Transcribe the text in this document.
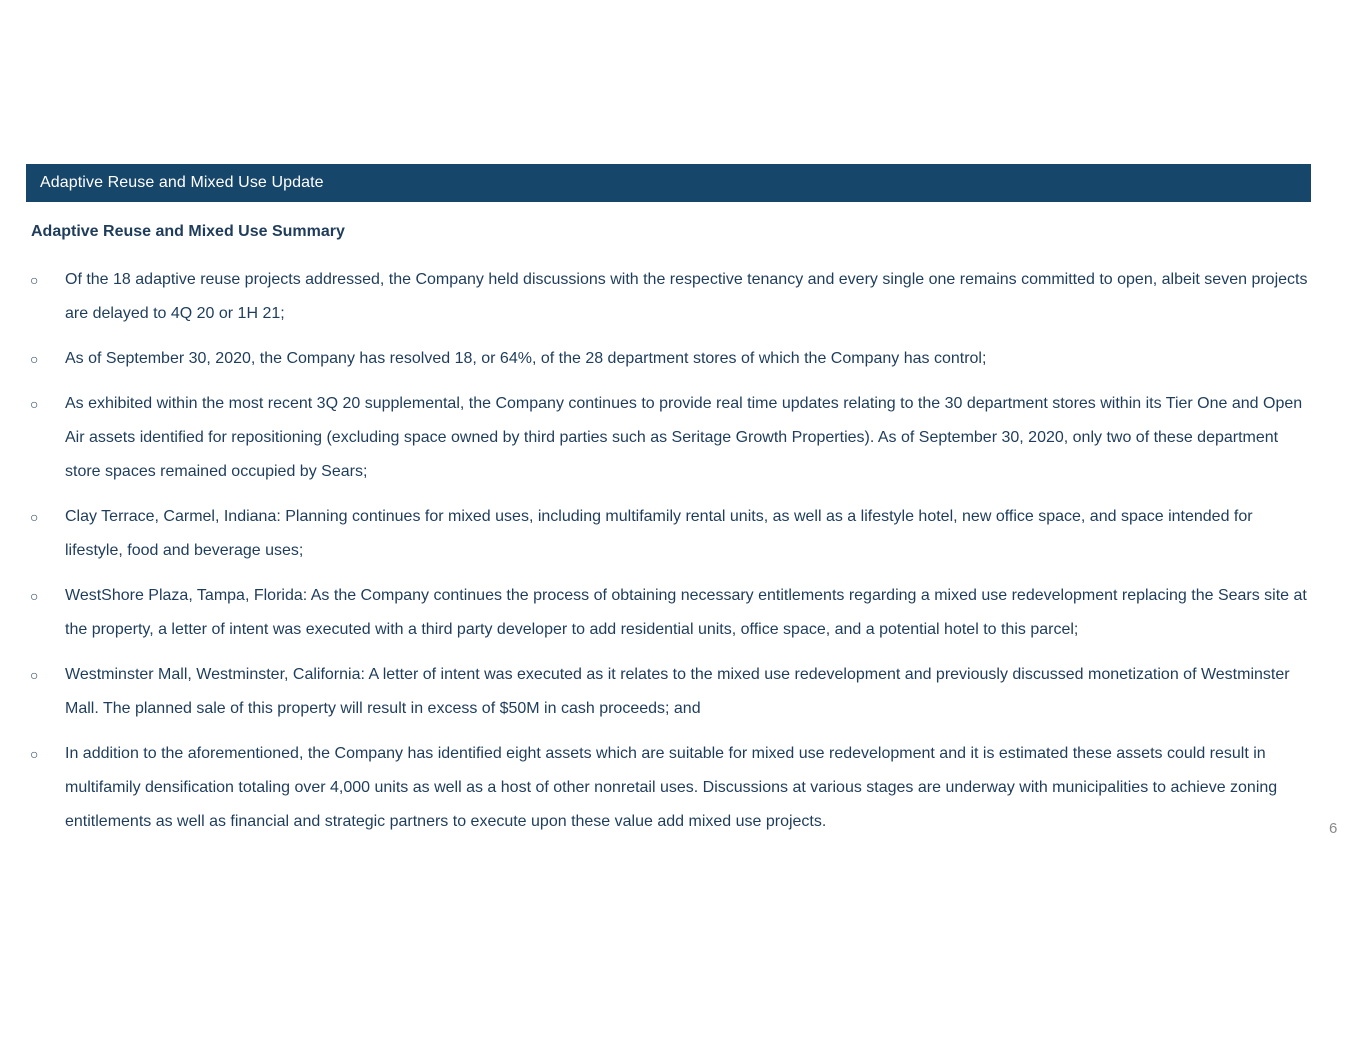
Adaptive Reuse and Mixed Use Update
Adaptive Reuse and Mixed Use Summary
○ Of the 18 adaptive reuse projects addressed, the Company held discussions with the respective tenancy and every single one remains committed to open, albeit seven projects are delayed to 4Q 20 or 1H 21;
○ As of September 30, 2020, the Company has resolved 18, or 64%, of the 28 department stores of which the Company has control;
○ As exhibited within the most recent 3Q 20 supplemental, the Company continues to provide real time updates relating to the 30 department stores within its Tier One and Open Air assets identified for repositioning (excluding space owned by third parties such as Seritage Growth Properties). As of September 30, 2020, only two of these department store spaces remained occupied by Sears;
○ Clay Terrace, Carmel, Indiana: Planning continues for mixed uses, including multifamily rental units, as well as a lifestyle hotel, new office space, and space intended for lifestyle, food and beverage uses;
○ WestShore Plaza, Tampa, Florida: As the Company continues the process of obtaining necessary entitlements regarding a mixed use redevelopment replacing the Sears site at the property, a letter of intent was executed with a third party developer to add residential units, office space, and a potential hotel to this parcel;
○ Westminster Mall, Westminster, California: A letter of intent was executed as it relates to the mixed use redevelopment and previously discussed monetization of Westminster Mall. The planned sale of this property will result in excess of $50M in cash proceeds; and
○ In addition to the aforementioned, the Company has identified eight assets which are suitable for mixed use redevelopment and it is estimated these assets could result in multifamily densification totaling over 4,000 units as well as a host of other nonretail uses. Discussions at various stages are underway with municipalities to achieve zoning entitlements as well as financial and strategic partners to execute upon these value add mixed use projects.	6
